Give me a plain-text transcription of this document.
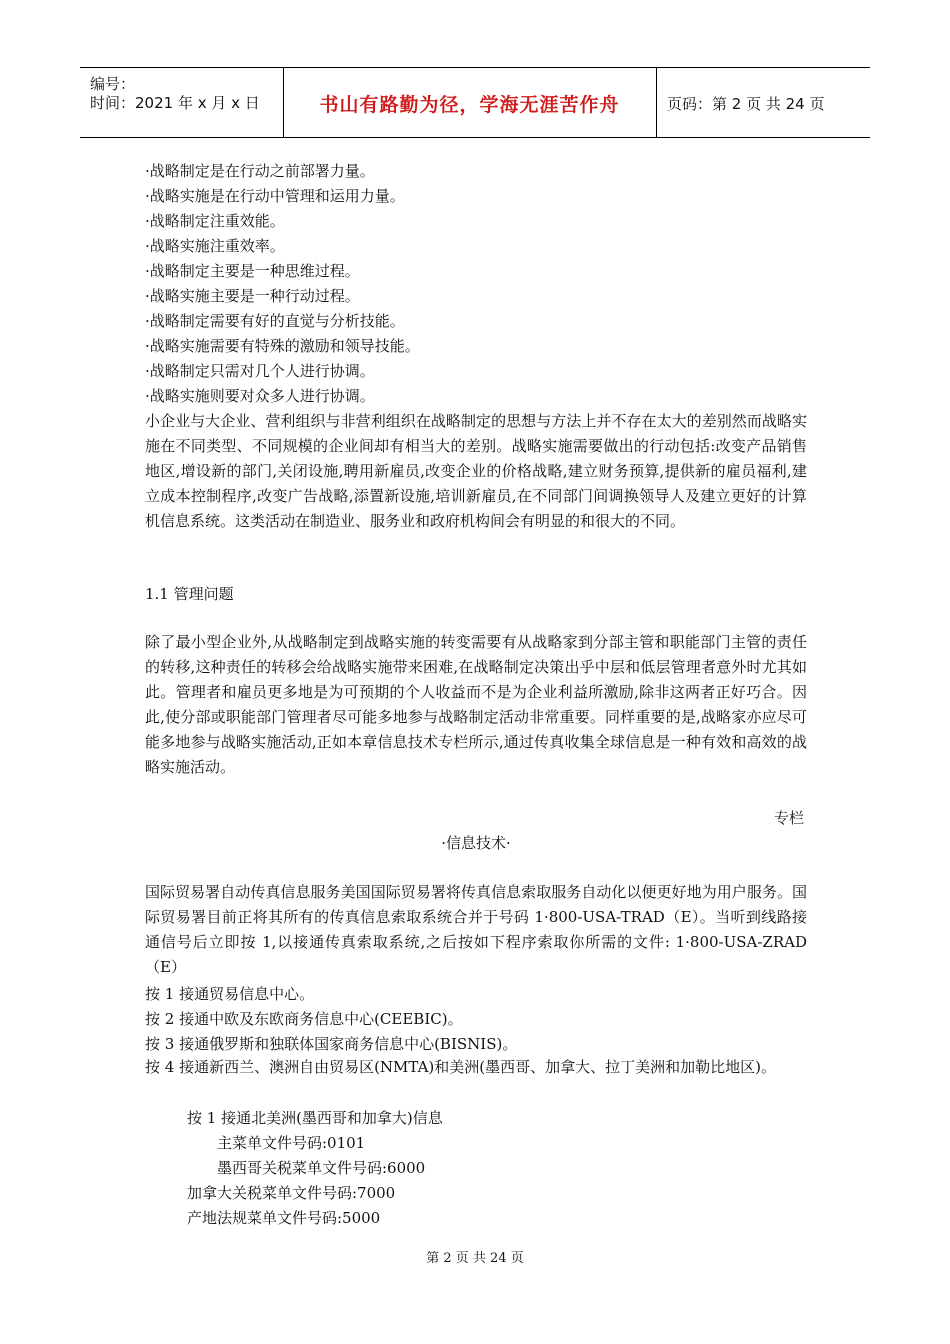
编号：
时间：2021 年 x 月 x 日	书山有路勤为径，学海无涯苦作舟	页码：第 2 页 共 24 页
·战略制定是在行动之前部署力量。
·战略实施是在行动中管理和运用力量。
·战略制定注重效能。
·战略实施注重效率。
·战略制定主要是一种思维过程。
·战略实施主要是一种行动过程。
·战略制定需要有好的直觉与分析技能。
·战略实施需要有特殊的激励和领导技能。
·战略制定只需对几个人进行协调。
·战略实施则要对众多人进行协调。
小企业与大企业、营利组织与非营利组织在战略制定的思想与方法上并不存在太大的差别然而战略实施在不同类型、不同规模的企业间却有相当大的差别。战略实施需要做出的行动包括:改变产品销售地区,增设新的部门,关闭设施,聘用新雇员,改变企业的价格战略,建立财务预算,提供新的雇员福利,建立成本控制程序,改变广告战略,添置新设施,培训新雇员,在不同部门间调换领导人及建立更好的计算机信息系统。这类活动在制造业、服务业和政府机构间会有明显的和很大的不同。
1.1 管理问题
除了最小型企业外,从战略制定到战略实施的转变需要有从战略家到分部主管和职能部门主管的责任的转移,这种责任的转移会给战略实施带来困难,在战略制定决策出乎中层和低层管理者意外时尤其如此。管理者和雇员更多地是为可预期的个人收益而不是为企业利益所激励,除非这两者正好巧合。因此,使分部或职能部门管理者尽可能多地参与战略制定活动非常重要。同样重要的是,战略家亦应尽可能多地参与战略实施活动,正如本章信息技术专栏所示,通过传真收集全球信息是一种有效和高效的战略实施活动。
专栏
·信息技术·
国际贸易署自动传真信息服务美国国际贸易署将传真信息索取服务自动化以便更好地为用户服务。国际贸易署目前正将其所有的传真信息索取系统合并于号码 1·800-USA-TRAD（E）。当听到线路接通信号后立即按 1,以接通传真索取系统,之后按如下程序索取你所需的文件: 1·800-USA-ZRAD（E）
按 1 接通贸易信息中心。
按 2 接通中欧及东欧商务信息中心(CEEBIC)。
按 3 接通俄罗斯和独联体国家商务信息中心(BISNIS)。
按 4 接通新西兰、澳洲自由贸易区(NMTA)和美洲(墨西哥、加拿大、拉丁美洲和加勒比地区)。
按 1 接通北美洲(墨西哥和加拿大)信息
主菜单文件号码:0101
墨西哥关税菜单文件号码:6000
加拿大关税菜单文件号码:7000
产地法规菜单文件号码:5000
第 2 页 共 24 页
